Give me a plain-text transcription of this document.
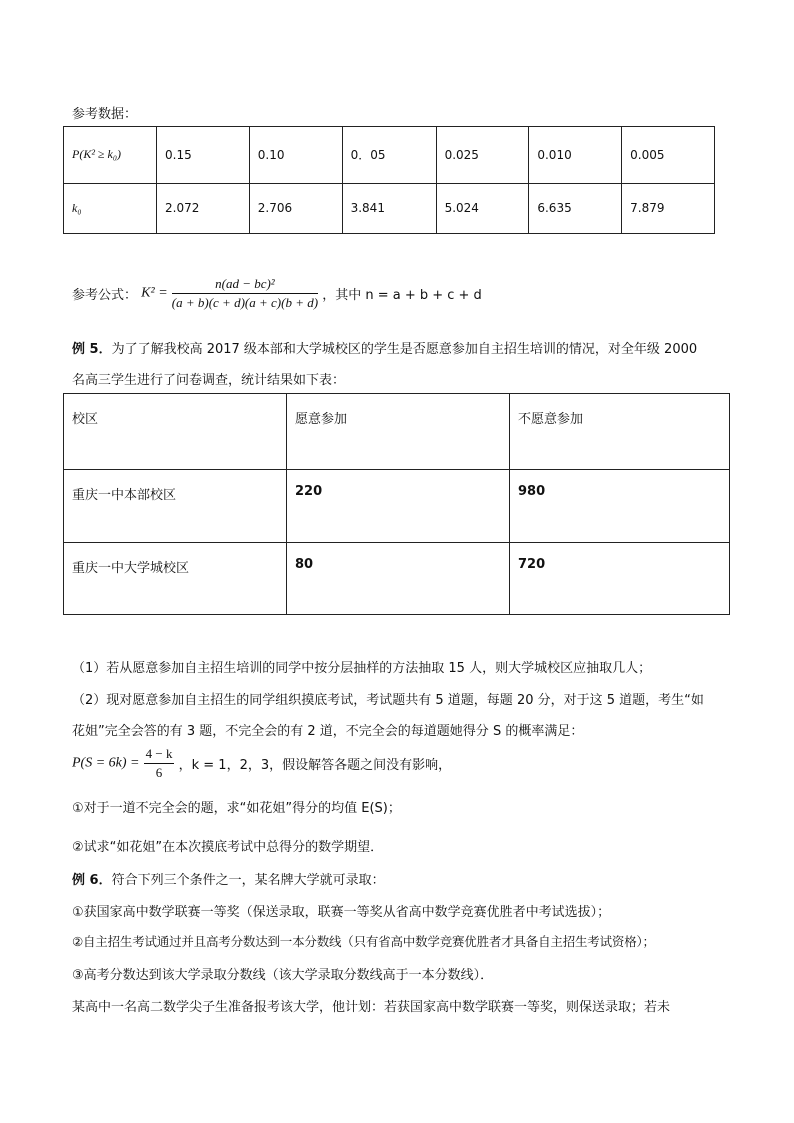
参考数据：
P(K² ≥ k₀)	0.15	0.10	0．05	0.025	0.010	0.005
k₀	2.072	2.706	3.841	5.024	6.635	7.879
参考公式： $K^2 = \frac{\text{n(ad − bc)²}}{(a + b)(c + d)(a + c)(b + d)}$ ，其中 n = a + b + c + d
例 5．为了了解我校高 2017 级本部和大学城校区的学生是否愿意参加自主招生培训的情况，对全年级 2000
名高三学生进行了问卷调查，统计结果如下表：
校区	愿意参加	不愿意参加
重庆一中本部校区	220	980
重庆一中大学城校区	80	720
（1）若从愿意参加自主招生培训的同学中按分层抽样的方法抽取 15 人，则大学城校区应抽取几人；
（2）现对愿意参加自主招生的同学组织摸底考试，考试题共有 5 道题，每题 20 分，对于这 5 道题，考生“如
花姐”完全会答的有 3 题，不完全会的有 2 道，不完全会的每道题她得分 S 的概率满足：
$P(S = 6k) = \frac{4 - k}{6}$ ，k = 1，2，3，假设解答各题之间没有影响，
①对于一道不完全会的题，求“如花姐”得分的均值 E(S)；
②试求“如花姐”在本次摸底考试中总得分的数学期望．
例 6．符合下列三个条件之一，某名牌大学就可录取：
①获国家高中数学联赛一等奖（保送录取，联赛一等奖从省高中数学竞赛优胜者中考试选拔）；
②自主招生考试通过并且高考分数达到一本分数线（只有省高中数学竞赛优胜者才具备自主招生考试资格）；
③高考分数达到该大学录取分数线（该大学录取分数线高于一本分数线）．
某高中一名高二数学尖子生准备报考该大学，他计划：若获国家高中数学联赛一等奖，则保送录取；若未
